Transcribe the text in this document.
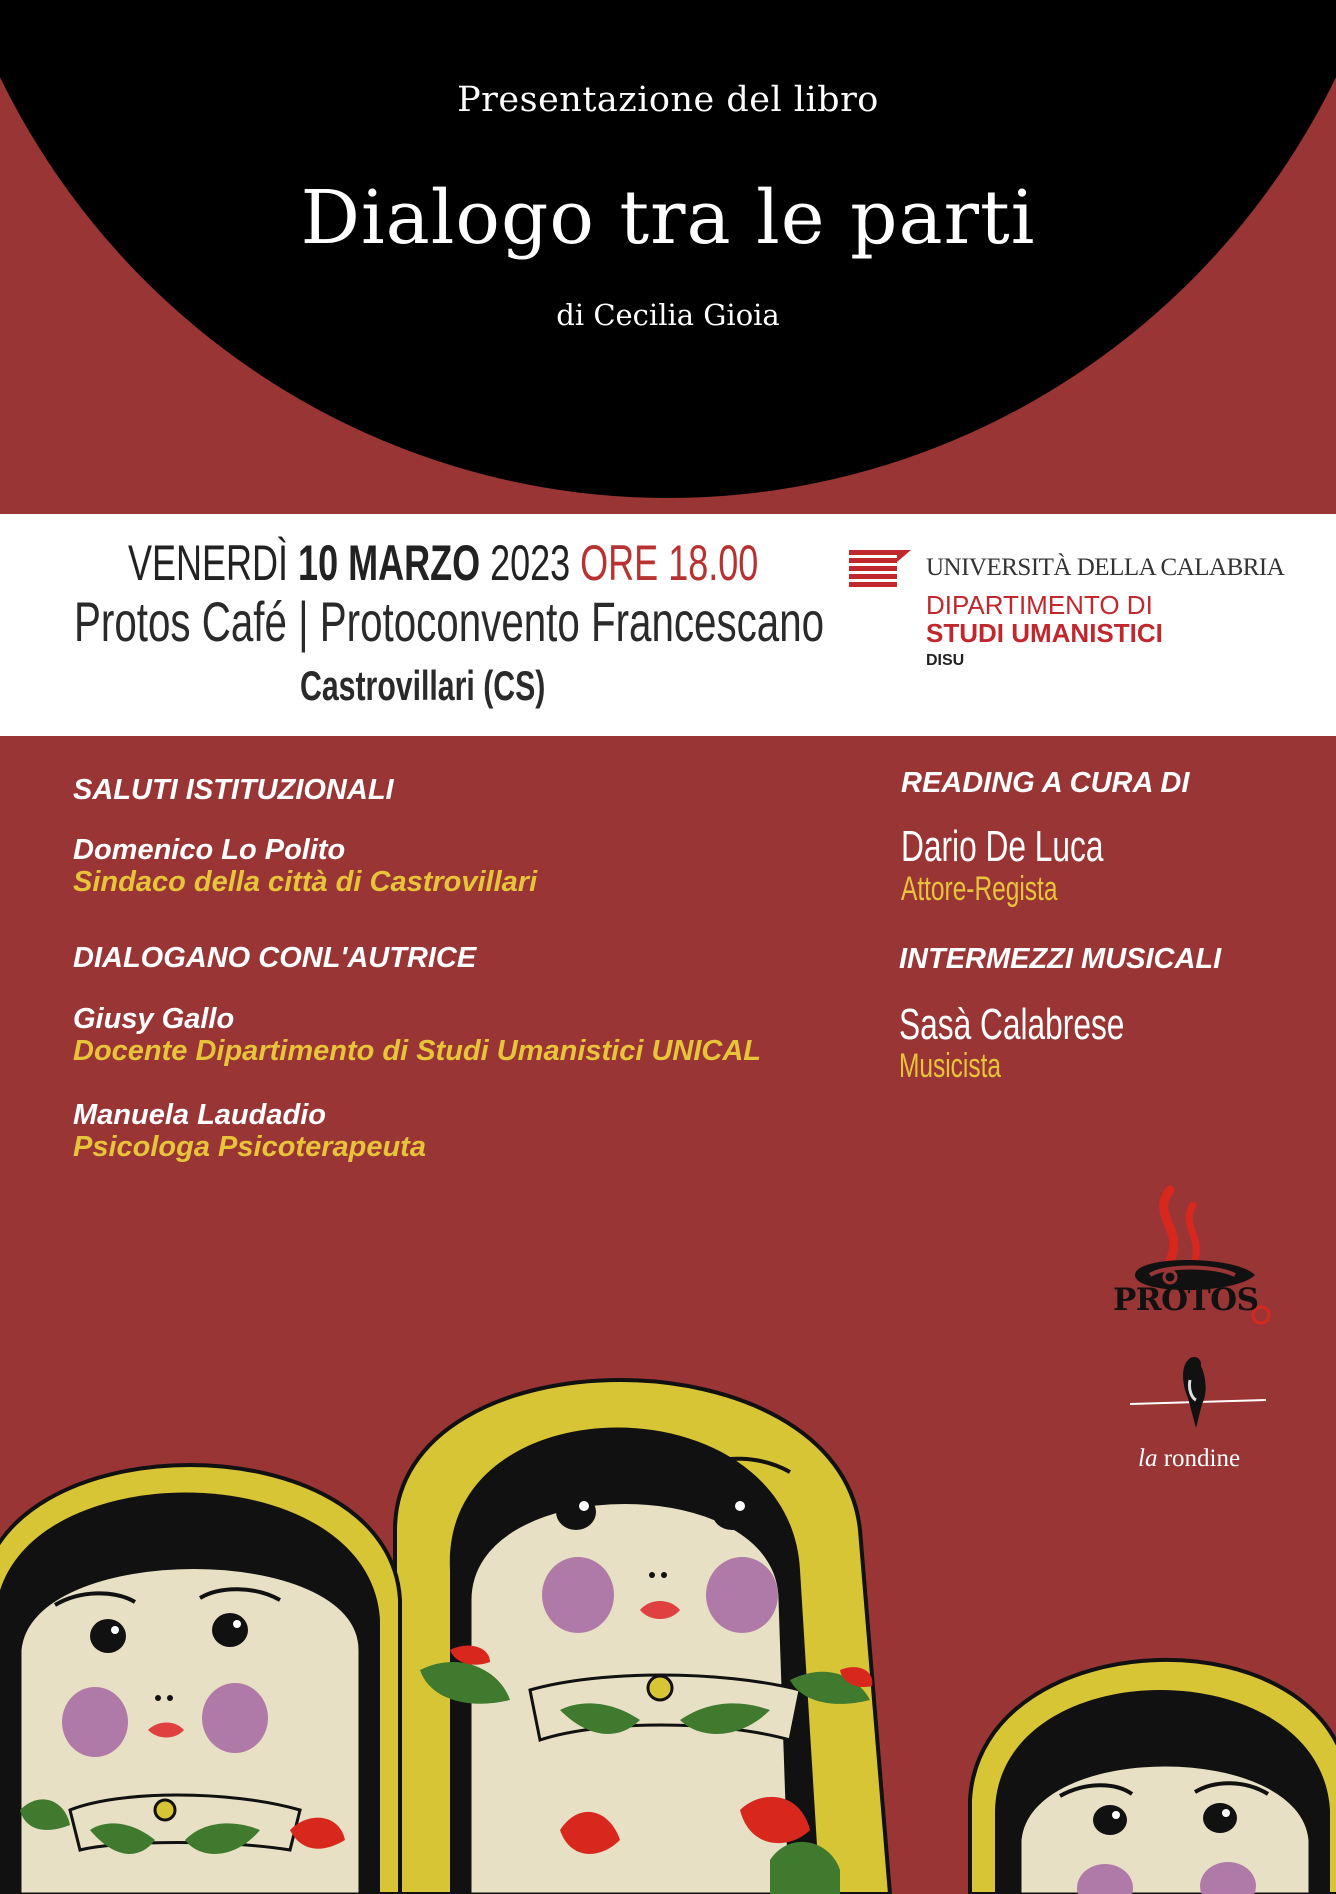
Presentazione del libro
Dialogo tra le parti
di Cecilia Gioia
VENERDÌ 10 MARZO 2023 ORE 18.00
Protos Café | Protoconvento Francescano
Castrovillari (CS)
UNIVERSITÀ DELLA CALABRIA
DIPARTIMENTO DI
STUDI UMANISTICI
DISU
SALUTI ISTITUZIONALI
Domenico Lo Polito
Sindaco della città di Castrovillari
DIALOGANO CONL'AUTRICE
Giusy Gallo
Docente Dipartimento di Studi Umanistici UNICAL
Manuela Laudadio
Psicologa Psicoterapeuta
READING A CURA DI
Dario De Luca
Attore-Regista
INTERMEZZI MUSICALI
Sasà Calabrese
Musicista
PROTOS
la rondine
